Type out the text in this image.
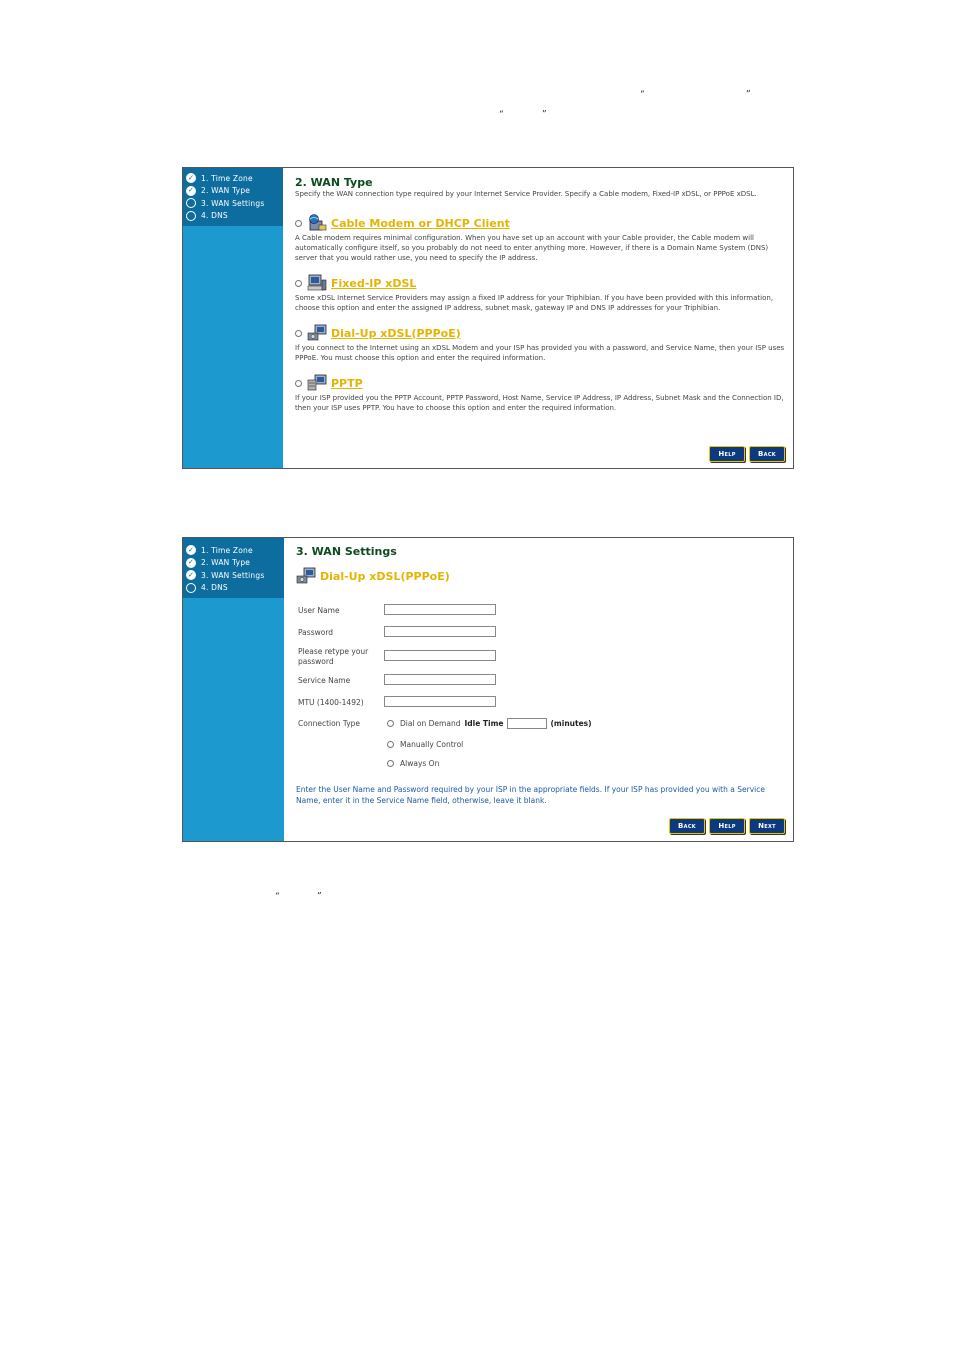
“	”
“	”
“	”
✓ 1. Time Zone
✓ 2. WAN Type
3. WAN Settings
4. DNS
2. WAN Type
Specify the WAN connection type required by your Internet Service Provider. Specify a Cable modem, Fixed-IP xDSL, or PPPoE xDSL.
Cable Modem or DHCP Client
A Cable modem requires minimal configuration. When you have set up an account with your Cable provider, the Cable modem will automatically configure itself, so you probably do not need to enter anything more. However, if there is a Domain Name System (DNS) server that you would rather use, you need to specify the IP address.
Fixed-IP xDSL
Some xDSL Internet Service Providers may assign a fixed IP address for your Triphibian. If you have been provided with this information, choose this option and enter the assigned IP address, subnet mask, gateway IP and DNS IP addresses for your Triphibian.
Dial-Up xDSL(PPPoE)
If you connect to the Internet using an xDSL Modem and your ISP has provided you with a password, and Service Name, then your ISP uses PPPoE. You must choose this option and enter the required information.
PPTP
If your ISP provided you the PPTP Account, PPTP Password, Host Name, Service IP Address, IP Address, Subnet Mask and the Connection ID, then your ISP uses PPTP. You have to choose this option and enter the required information.
Help	Back
✓ 1. Time Zone
✓ 2. WAN Type
✓ 3. WAN Settings
4. DNS
3. WAN Settings
Dial-Up xDSL(PPPoE)
User Name
Password
Please retype your
password
Service Name
MTU (1400-1492)
Connection Type	Dial on Demand Idle Time	(minutes)
Manually Control
Always On
Enter the User Name and Password required by your ISP in the appropriate fields. If your ISP has provided you with a Service Name, enter it in the Service Name field, otherwise, leave it blank.
Back	Help	Next
